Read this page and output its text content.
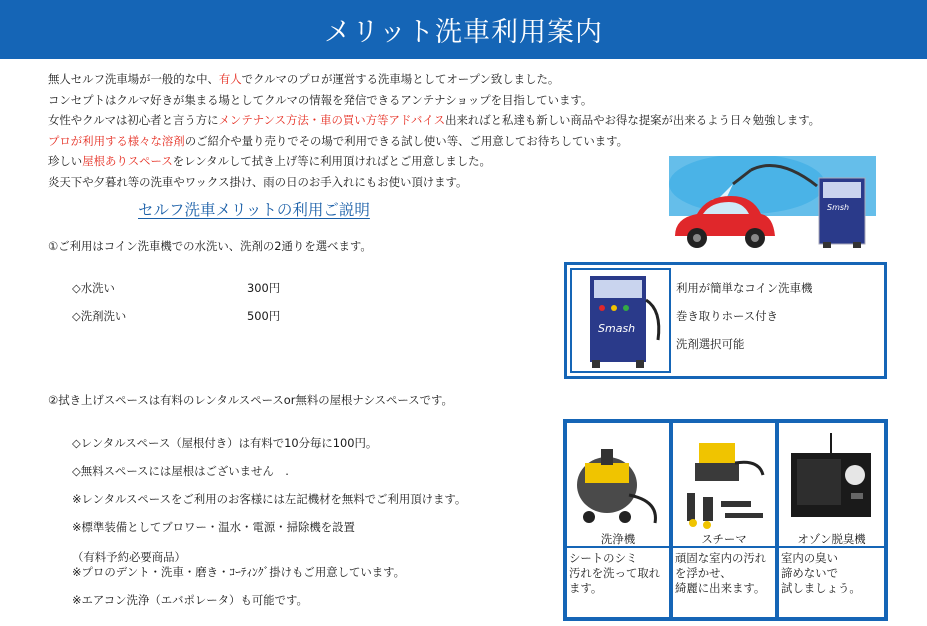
メリット洗車利用案内
無人セルフ洗車場が一般的な中、有人でクルマのプロが運営する洗車場としてオープン致しました。
コンセプトはクルマ好きが集まる場としてクルマの情報を発信できるアンテナショップを目指しています。
女性やクルマは初心者と言う方にメンテナンス方法・車の買い方等アドバイス出来ればと私達も新しい商品やお得な提案が出来るよう日々勉強します。
プロが利用する様々な溶剤のご紹介や量り売りでその場で利用できる試し使い等、ご用意してお待ちしています。
珍しい屋根ありスペースをレンタルして拭き上げ等に利用頂ければとご用意しました。
炎天下や夕暮れ等の洗車やワックス掛け、雨の日のお手入れにもお使い頂けます。
Smsh
セルフ洗車メリットの利用ご説明
①ご利用はコイン洗車機での水洗い、洗剤の2通りを選べます。
◇水洗い	300円
◇洗剤洗い	500円
Smash
利用が簡単なコイン洗車機
巻き取りホース付き
洗剤選択可能
②拭き上げスペースは有料のレンタルスペースor無料の屋根ナシスペースです。
◇レンタルスペース（屋根付き）は有料で10分毎に100円。
◇無料スペースには屋根はございません　.
※レンタルスペースをご利用のお客様には左記機材を無料でご利用頂けます。
※標準装備としてブロワー・温水・電源・掃除機を設置
（有料予約必要商品）
※プロのデント・洗車・磨き・ｺｰﾃｨﾝｸﾞ掛けもご用意しています。
※エアコン洗浄（エバポレータ）も可能です。
洗浄機
シートのシミ
汚れを洗って取れ
ます。
スチーマ
頑固な室内の汚れ
を浮かせ、
綺麗に出来ます。
オゾン脱臭機
室内の臭い
諦めないで
試しましょう。
